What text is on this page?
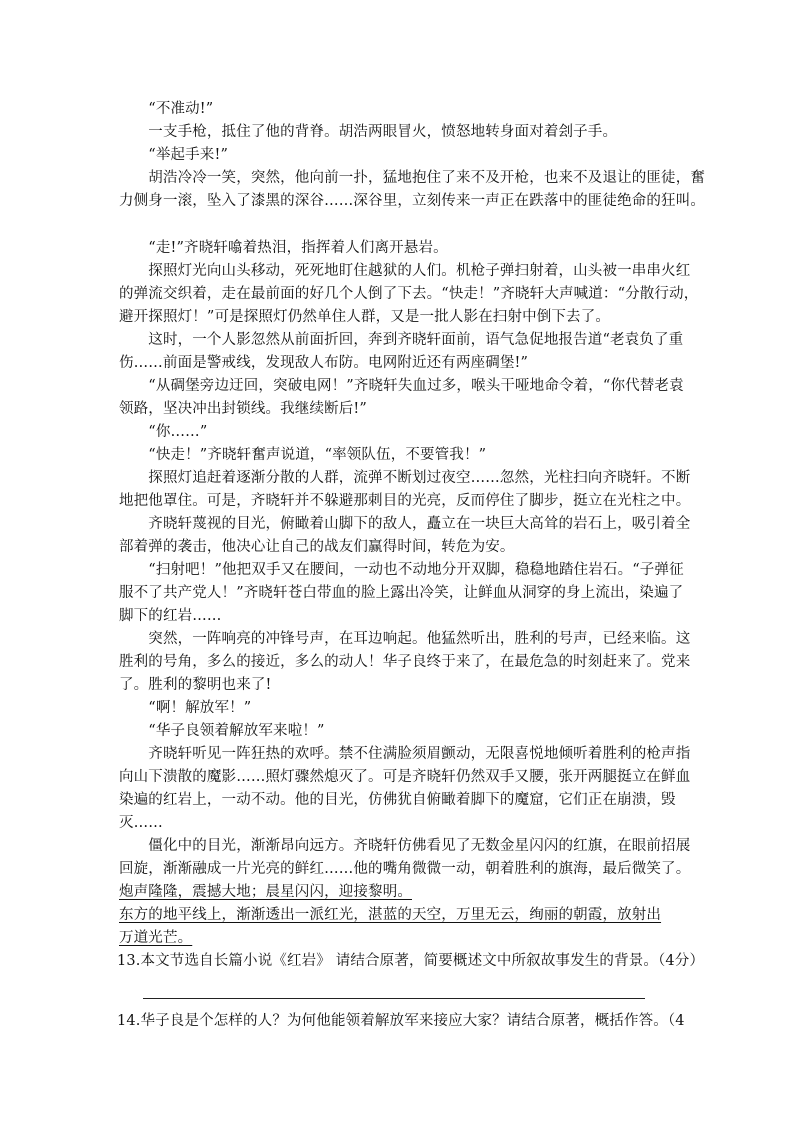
　　“不准动!”
　　一支手枪，抵住了他的背脊。胡浩两眼冒火，愤怒地转身面对着刽子手。
　　“举起手来!”
　　胡浩冷冷一笑，突然，他向前一扑，猛地抱住了来不及开枪，也来不及退让的匪徒，奮
力侧身一滚，坠入了漆黑的深谷……深谷里，立刻传来一声正在跌落中的匪徒绝命的狂叫。
　　“走!”齐晓轩噏着热泪，指挥着人们离开悬岩。
　　探照灯光向山头移动，死死地盯住越狱的人们。机枪子弹扫射着，山头被一串串火红
的弹流交织着，走在最前面的好几个人倒了下去。“快走！”齐晓轩大声喊道：“分散行动，
避开探照灯！”可是探照灯仍然单住人群，又是一批人影在扫射中倒下去了。
　　这时，一个人影忽然从前面折回，奔到齐晓轩面前，语气急促地报告道“老袁负了重
伤……前面是警戒线，发现敌人布防。电网附近还有两座碉堡!”
　　“从碉堡旁边迂回，突破电网！”齐晓轩失血过多，喉头干哑地命令着，“你代替老袁
领路，坚决冲出封锁线。我继续断后!”
　　“你……”
　　“快走！”齐晓轩奮声说道，“率领队伍，不要管我！”
　　探照灯追赶着逐渐分散的人群，流弹不断划过夜空……忽然，光柱扫向齐晓轩。不断
地把他罩住。可是，齐晓轩并不躲避那刺目的光亮，反而停住了脚步，挺立在光柱之中。
　　齐晓轩蔑视的目光，俯瞰着山脚下的敌人，矗立在一块巨大高耸的岩石上，吸引着全
部着弹的袭击，他决心让自己的战友们赢得时间，转危为安。
　　“扫射吧！”他把双手又在腰间，一动也不动地分开双脚，稳稳地踏住岩石。“子弹征
服不了共产党人！”齐晓轩苍白带血的脸上露出冷笑，让鲜血从洞穿的身上流出，染遍了
脚下的红岩……
　　突然，一阵响亮的冲锋号声，在耳边响起。他猛然听出，胜利的号声，已经来临。这
胜利的号角，多么的接近，多么的动人！华子良终于来了，在最危急的时刻赶来了。党来
了。胜利的黎明也来了!
　　“啊！解放军！”
　　“华子良领着解放军来啦！”
　　齐晓轩听见一阵狂热的欢呼。禁不住满脸须眉颤动，无限喜悦地倾听着胜利的枪声指
向山下溃散的魔影……照灯骤然熄灭了。可是齐晓轩仍然双手又腰，张开两腿挺立在鲜血
染遍的红岩上，一动不动。他的目光，仿佛犹自俯瞰着脚下的魔窟，它们正在崩溃，毁
灭……
　　僵化中的目光，渐渐昂向远方。齐晓轩仿佛看见了无数金星闪闪的红旗，在眼前招展
回旋，渐渐融成一片光亮的鲜红……他的嘴角微微一动，朝着胜利的旗海，最后微笑了。
炮声隆隆，震撼大地；晨星闪闪，迎接黎明。
东方的地平线上，渐渐透出一派红光，湛蓝的天空，万里无云，绚丽的朝霞，放射出
万道光芒。
13.本文节选自长篇小说《红岩》 请结合原著，简要概述文中所叙故事发生的背景。（4分）
14.华子良是个怎样的人？为何他能领着解放军来接应大家？请结合原著，概括作答。（4
